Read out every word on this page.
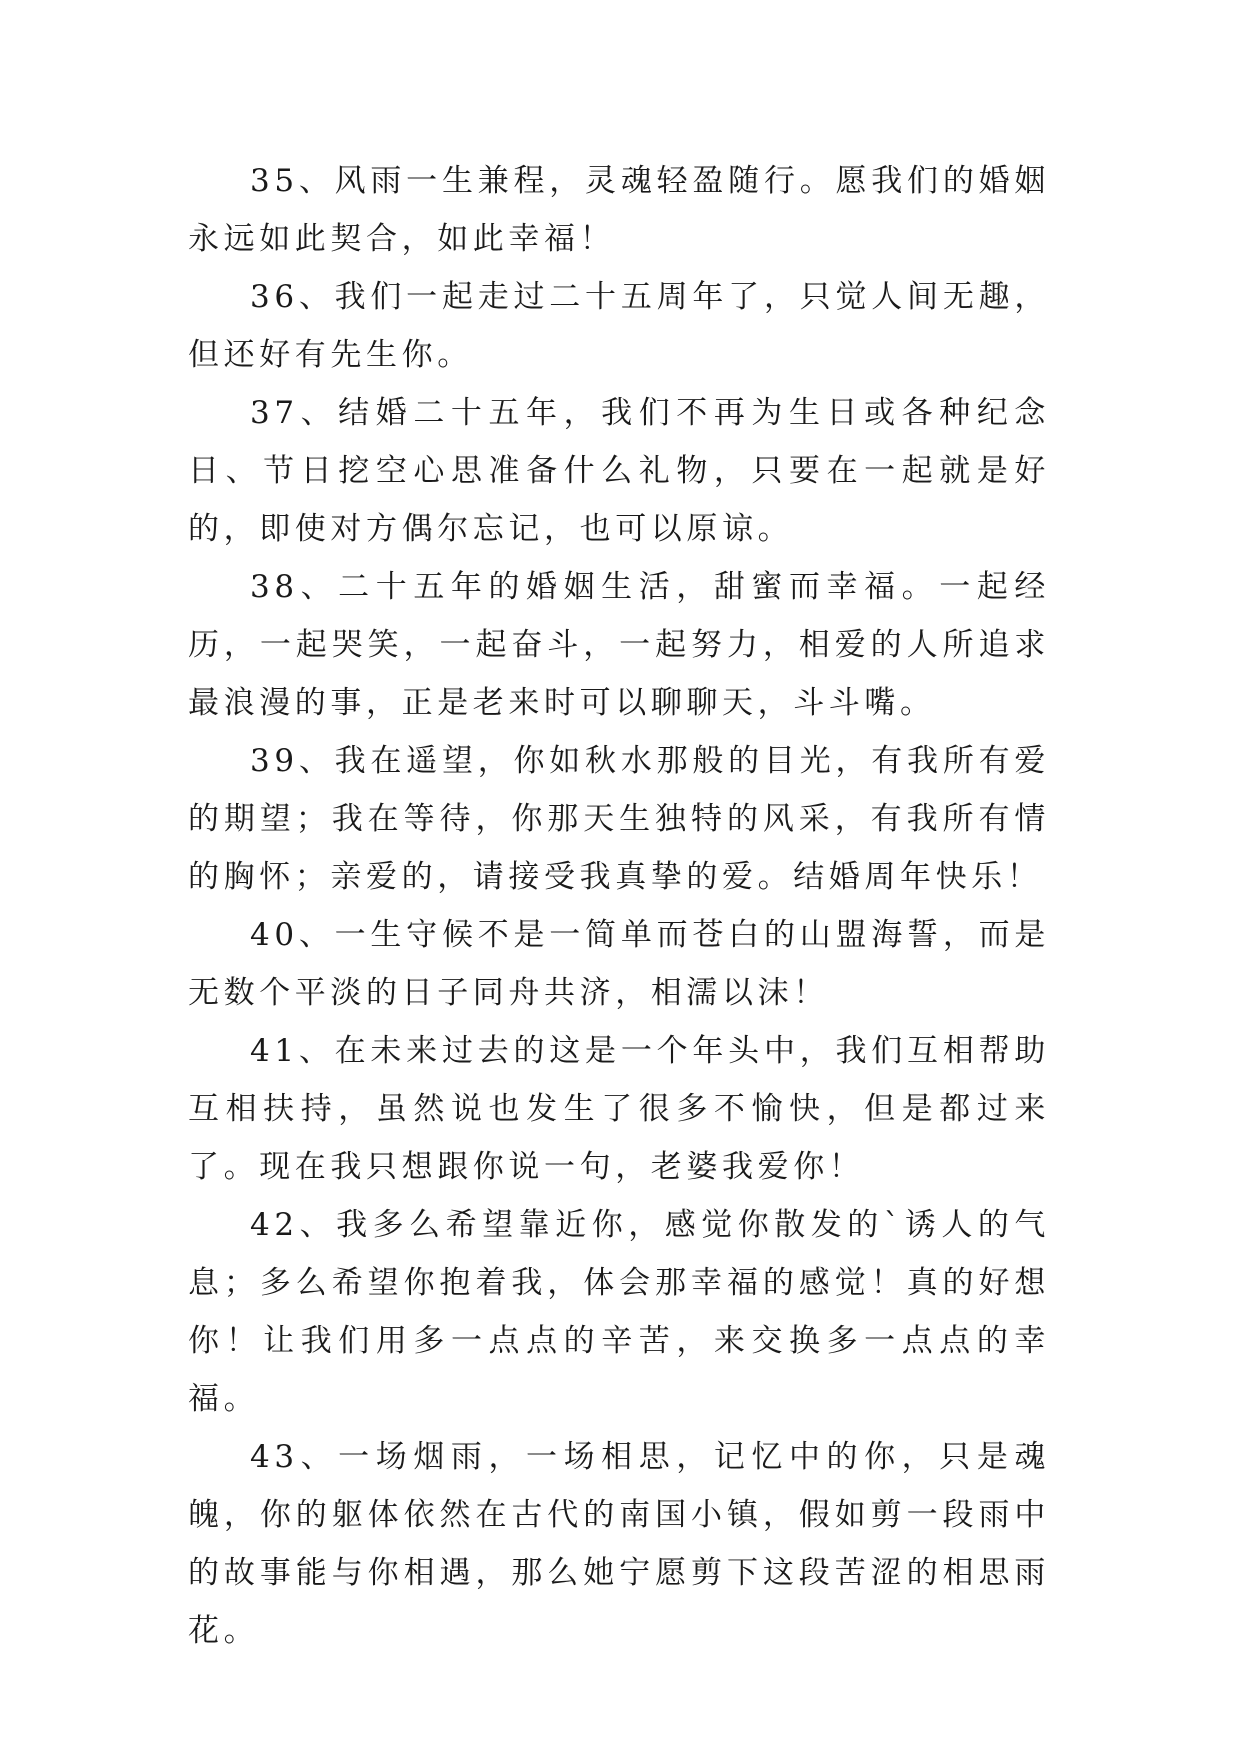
35、风雨一生兼程，灵魂轻盈随行。愿我们的婚姻永远如此契合，如此幸福！

36、我们一起走过二十五周年了，只觉人间无趣，但还好有先生你。

37、结婚二十五年，我们不再为生日或各种纪念日、节日挖空心思准备什么礼物，只要在一起就是好的，即使对方偶尔忘记，也可以原谅。

38、二十五年的婚姻生活，甜蜜而幸福。一起经历，一起哭笑，一起奋斗，一起努力，相爱的人所追求最浪漫的事，正是老来时可以聊聊天，斗斗嘴。

39、我在遥望，你如秋水那般的目光，有我所有爱的期望；我在等待，你那天生独特的风采，有我所有情的胸怀；亲爱的，请接受我真挚的爱。结婚周年快乐！

40、一生守候不是一简单而苍白的山盟海誓，而是无数个平淡的日子同舟共济，相濡以沫！

41、在未来过去的这是一个年头中，我们互相帮助互相扶持，虽然说也发生了很多不愉快，但是都过来了。现在我只想跟你说一句，老婆我爱你！

42、我多么希望靠近你，感觉你散发的`诱人的气息；多么希望你抱着我，体会那幸福的感觉！真的好想你！让我们用多一点点的辛苦，来交换多一点点的幸福。

43、一场烟雨，一场相思，记忆中的你，只是魂魄，你的躯体依然在古代的南国小镇，假如剪一段雨中的故事能与你相遇，那么她宁愿剪下这段苦涩的相思雨花。
